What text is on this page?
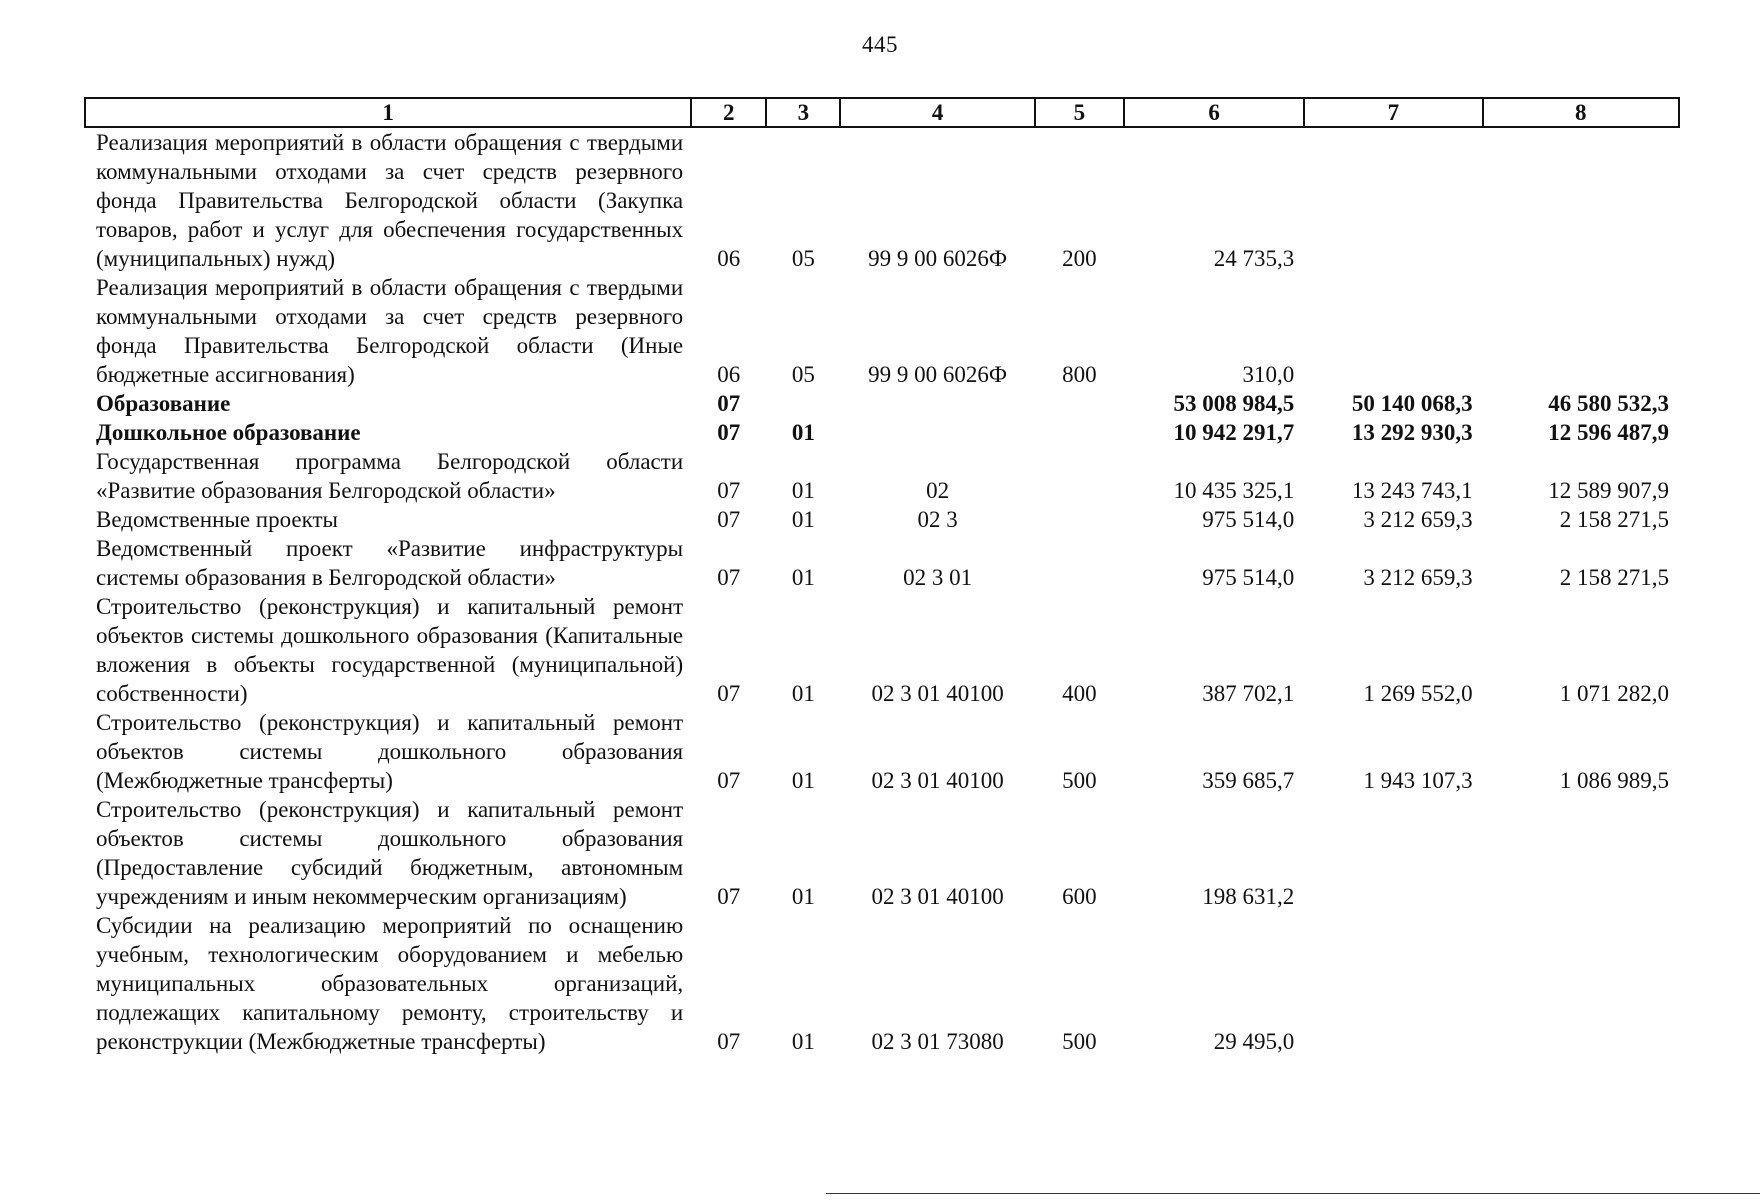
445
1	2	3	4	5	6	7	8
Реализация мероприятий в области обращения с твердыми коммунальными отходами за счет средств резервного фонда Правительства Белгородской области (Закупка товаров, работ и услуг для обеспечения государственных (муниципальных) нужд)	06	05	99 9 00 6026Ф	200	24 735,3		
Реализация мероприятий в области обращения с твердыми коммунальными отходами за счет средств резервного фонда Правительства Белгородской области (Иные бюджетные ассигнования)	06	05	99 9 00 6026Ф	800	310,0		
Образование	07				53 008 984,5	50 140 068,3	46 580 532,3
Дошкольное образование	07	01			10 942 291,7	13 292 930,3	12 596 487,9
Государственная программа Белгородской области «Развитие образования Белгородской области»	07	01	02		10 435 325,1	13 243 743,1	12 589 907,9
Ведомственные проекты	07	01	02 3		975 514,0	3 212 659,3	2 158 271,5
Ведомственный проект «Развитие инфраструктуры системы образования в Белгородской области»	07	01	02 3 01		975 514,0	3 212 659,3	2 158 271,5
Строительство (реконструкция) и капитальный ремонт объектов системы дошкольного образования (Капитальные вложения в объекты государственной (муниципальной) собственности)	07	01	02 3 01 40100	400	387 702,1	1 269 552,0	1 071 282,0
Строительство (реконструкция) и капитальный ремонт объектов системы дошкольного образования (Межбюджетные трансферты)	07	01	02 3 01 40100	500	359 685,7	1 943 107,3	1 086 989,5
Строительство (реконструкция) и капитальный ремонт объектов системы дошкольного образования (Предоставление субсидий бюджетным, автономным учреждениям и иным некоммерческим организациям)	07	01	02 3 01 40100	600	198 631,2		
Субсидии на реализацию мероприятий по оснащению учебным, технологическим оборудованием и мебелью муниципальных образовательных организаций, подлежащих капитальному ремонту, строительству и реконструкции (Межбюджетные трансферты)	07	01	02 3 01 73080	500	29 495,0		
